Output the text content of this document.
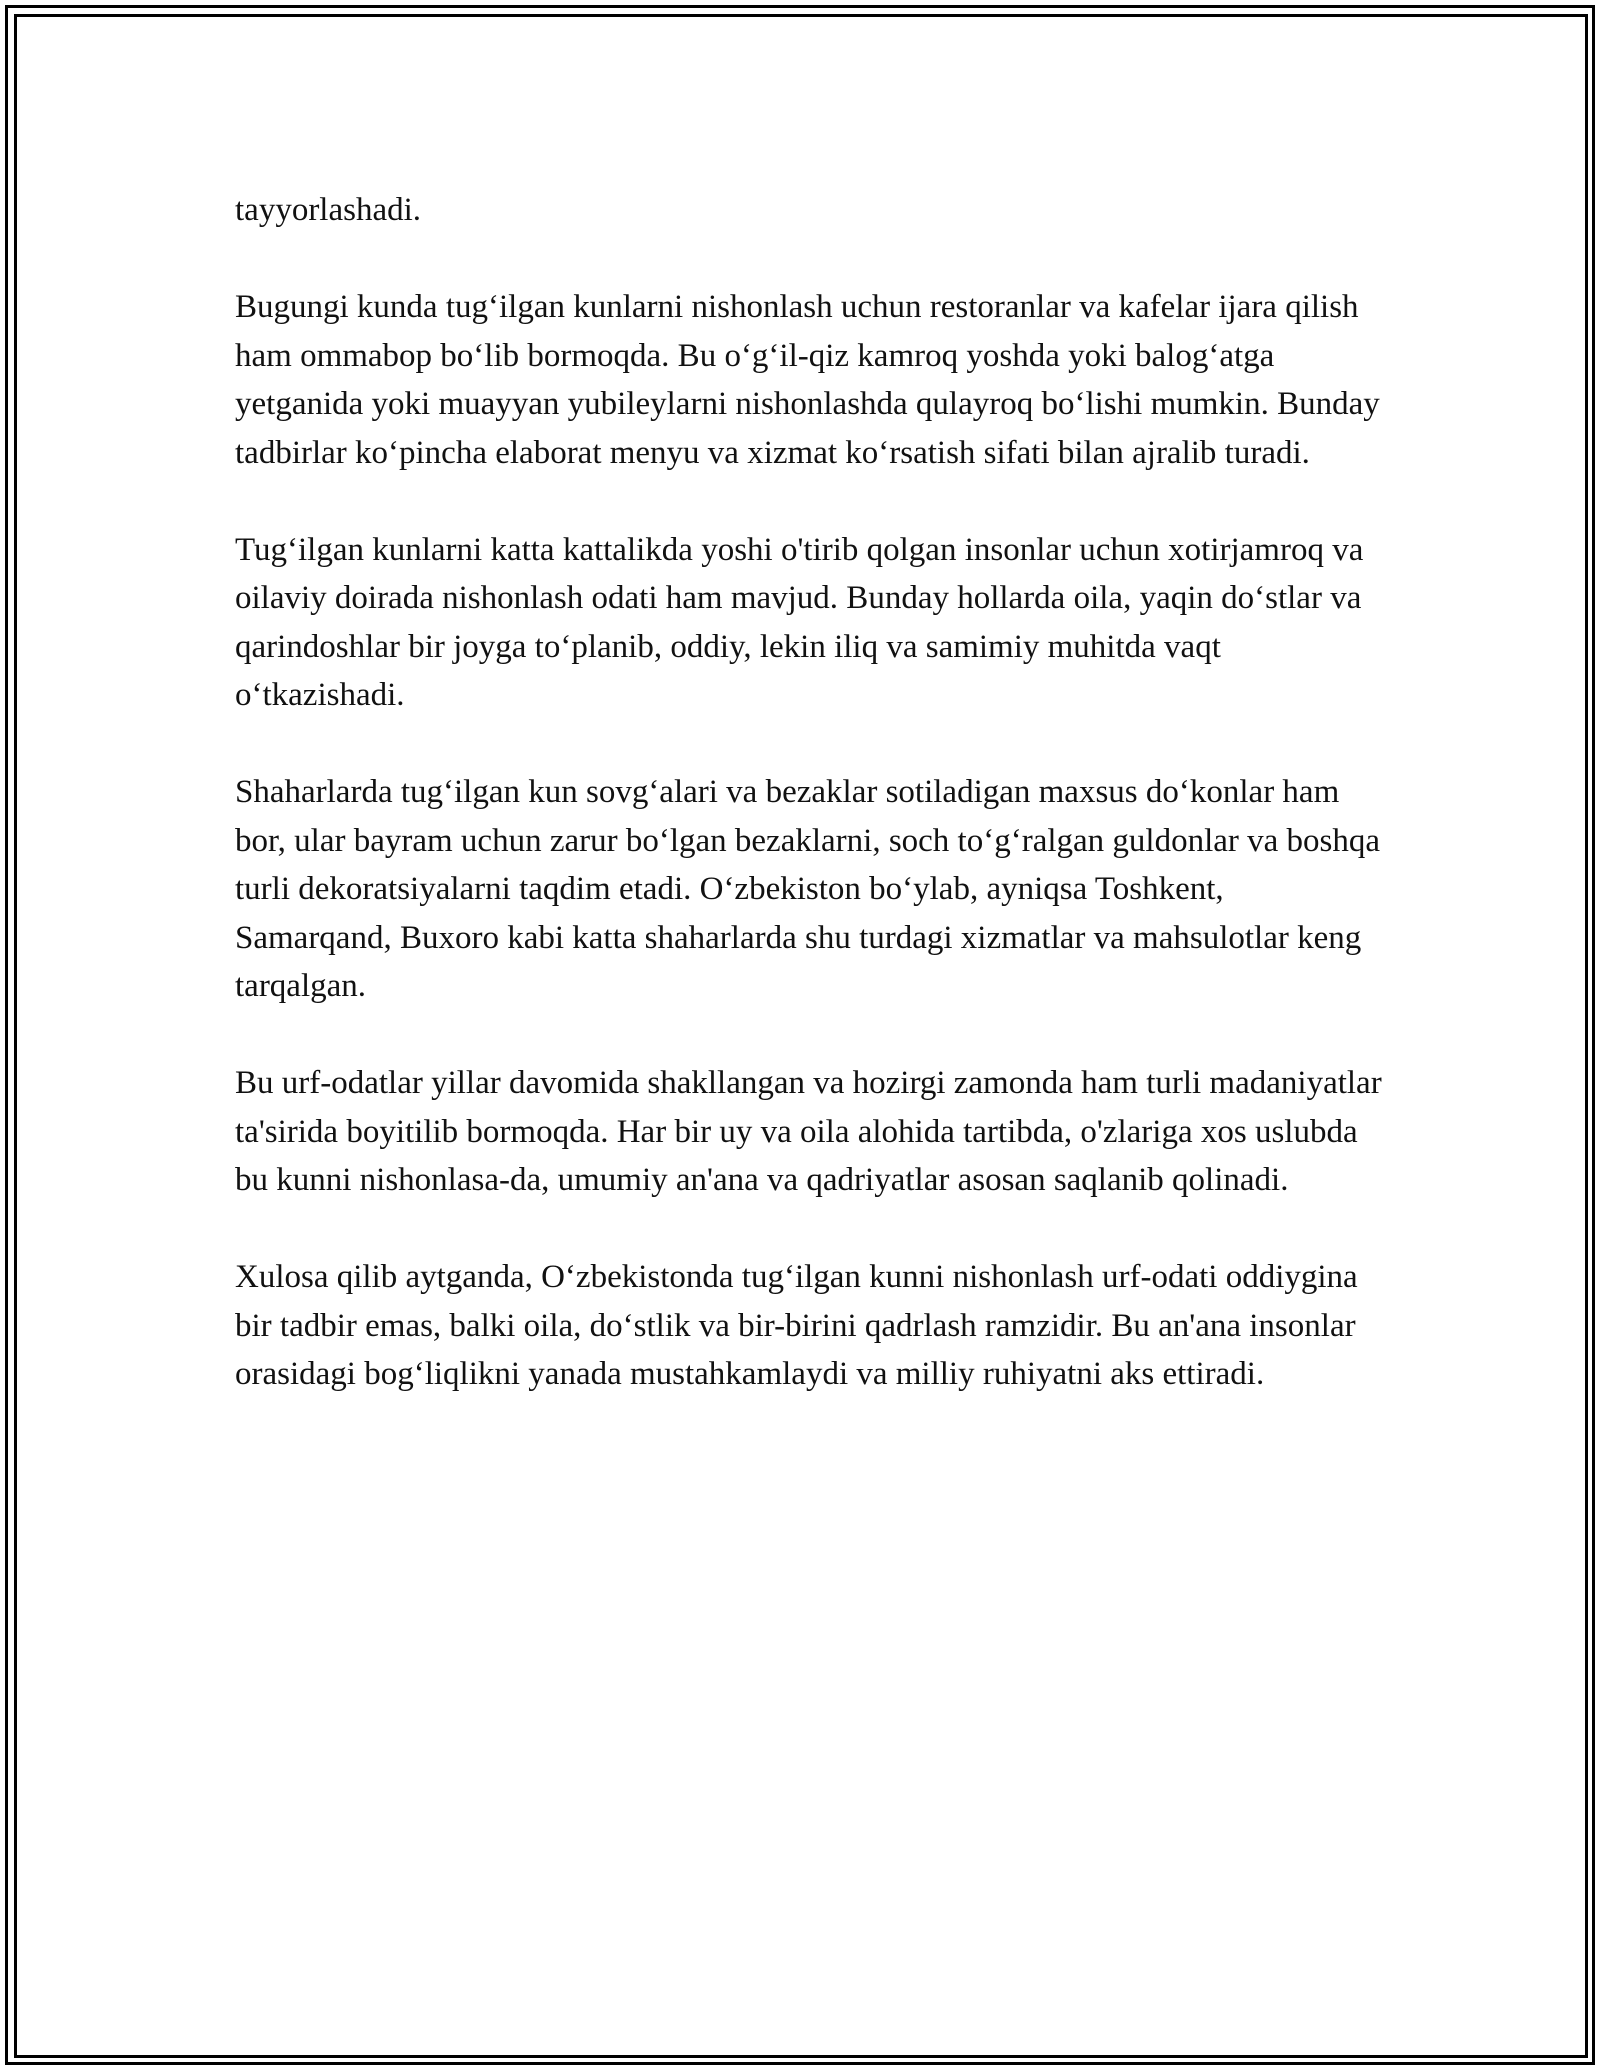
tayyorlashadi.

Bugungi kunda tug‘ilgan kunlarni nishonlash uchun restoranlar va kafelar ijara qilish ham ommabop bo‘lib bormoqda. Bu o‘g‘il-qiz kamroq yoshda yoki balog‘atga yetganida yoki muayyan yubileylarni nishonlashda qulayroq bo‘lishi mumkin. Bunday tadbirlar ko‘pincha elaborat menyu va xizmat ko‘rsatish sifati bilan ajralib turadi.

Tug‘ilgan kunlarni katta kattalikda yoshi o'tirib qolgan insonlar uchun xotirjamroq va oilaviy doirada nishonlash odati ham mavjud. Bunday hollarda oila, yaqin do‘stlar va qarindoshlar bir joyga to‘planib, oddiy, lekin iliq va samimiy muhitda vaqt o‘tkazishadi.

Shaharlarda tug‘ilgan kun sovg‘alari va bezaklar sotiladigan maxsus do‘konlar ham bor, ular bayram uchun zarur bo‘lgan bezaklarni, soch to‘g‘ralgan guldonlar va boshqa turli dekoratsiyalarni taqdim etadi. O‘zbekiston bo‘ylab, ayniqsa Toshkent, Samarqand, Buxoro kabi katta shaharlarda shu turdagi xizmatlar va mahsulotlar keng tarqalgan.

Bu urf-odatlar yillar davomida shakllangan va hozirgi zamonda ham turli madaniyatlar ta'sirida boyitilib bormoqda. Har bir uy va oila alohida tartibda, o'zlariga xos uslubda bu kunni nishonlasa-da, umumiy an'ana va qadriyatlar asosan saqlanib qolinadi.

Xulosa qilib aytganda, O‘zbekistonda tug‘ilgan kunni nishonlash urf-odati oddiygina bir tadbir emas, balki oila, do‘stlik va bir-birini qadrlash ramzidir. Bu an'ana insonlar orasidagi bog‘liqlikni yanada mustahkamlaydi va milliy ruhiyatni aks ettiradi.
